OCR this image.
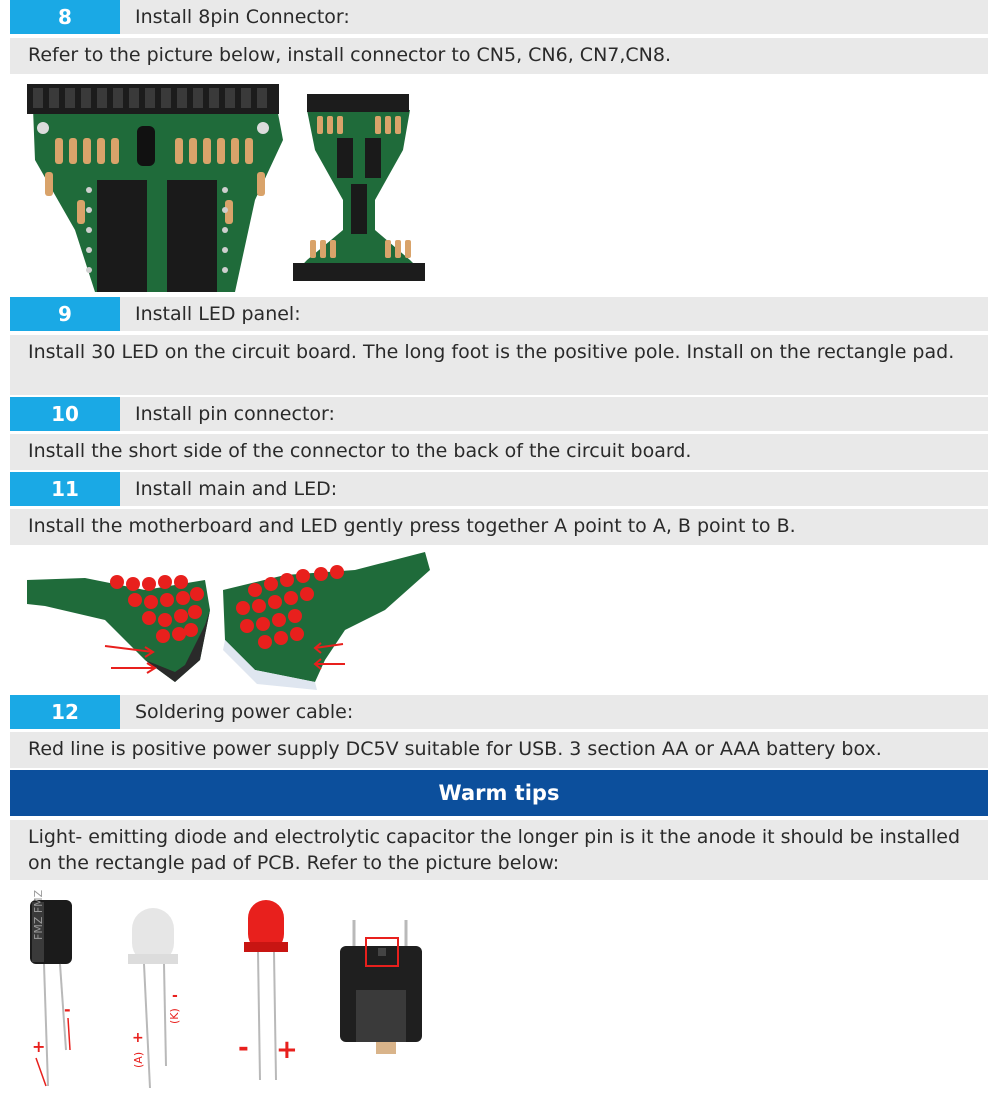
8	Install 8pin Connector:
Refer to the picture below, install connector to CN5, CN6, CN7,CN8.
9	Install LED panel:
Install 30 LED on the circuit board. The long foot is the positive pole. Install on the rectangle pad.
10	Install pin connector:
Install the short side of the connector to the back of the circuit board.
11	Install main and LED:
Install the motherboard and LED gently press together A point to A, B point to B.
12	Soldering power cable:
Red line is positive power supply DC5V suitable for USB. 3 section AA or AAA battery box.
Warm tips
Light- emitting diode and electrolytic capacitor the longer pin is it the anode it should be installed on the rectangle pad of PCB. Refer to the picture below:
FMZ FMZ
+
-
+
(A)
-
(K)
- +
